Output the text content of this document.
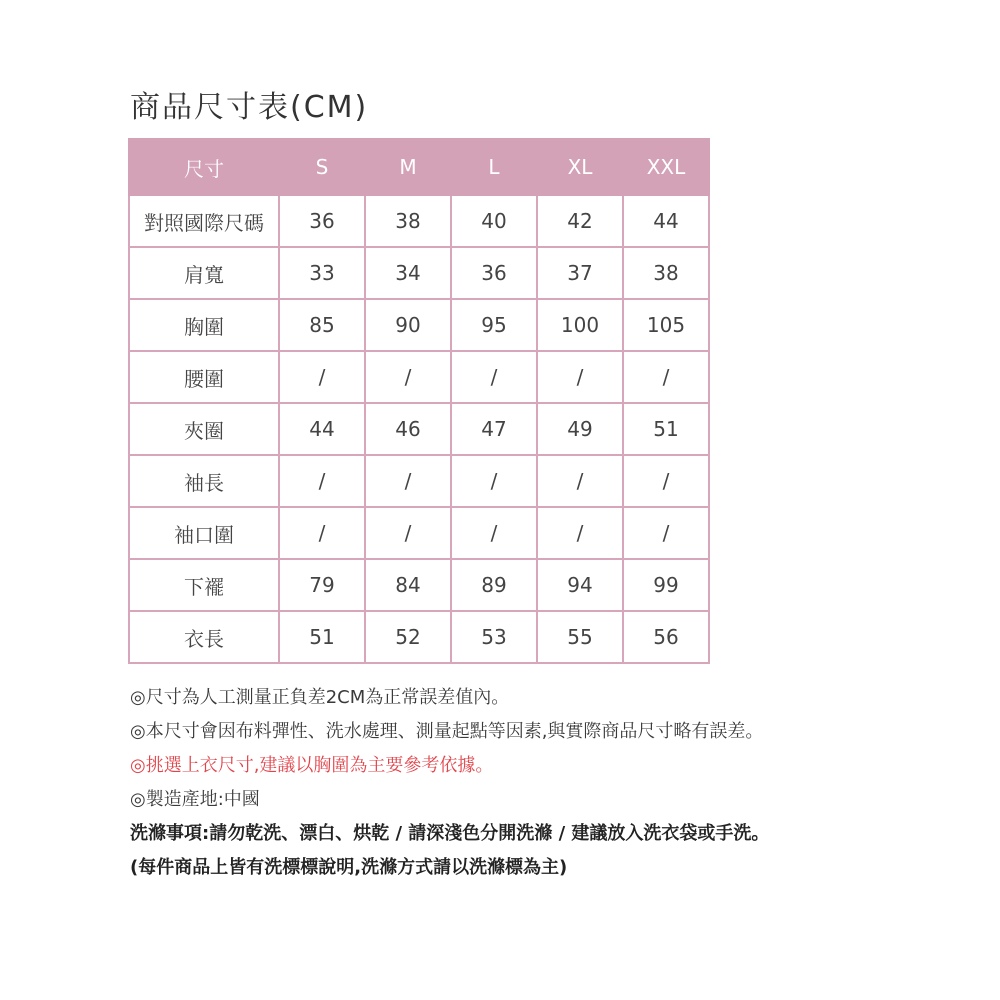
商品尺寸表(CM)
尺寸	S	M	L	XL	XXL
對照國際尺碼	36	38	40	42	44
肩寬	33	34	36	37	38
胸圍	85	90	95	100	105
腰圍	/	/	/	/	/
夾圈	44	46	47	49	51
袖長	/	/	/	/	/
袖口圍	/	/	/	/	/
下襬	79	84	89	94	99
衣長	51	52	53	55	56

◎尺寸為人工測量正負差2CM為正常誤差值內。

◎本尺寸會因布料彈性、洗水處理、測量起點等因素,與實際商品尺寸略有誤差。

◎挑選上衣尺寸,建議以胸圍為主要參考依據。

◎製造產地:中國

洗滌事項:請勿乾洗、漂白、烘乾 / 請深淺色分開洗滌 / 建議放入洗衣袋或手洗。

(每件商品上皆有洗標標說明,洗滌方式請以洗滌標為主)
